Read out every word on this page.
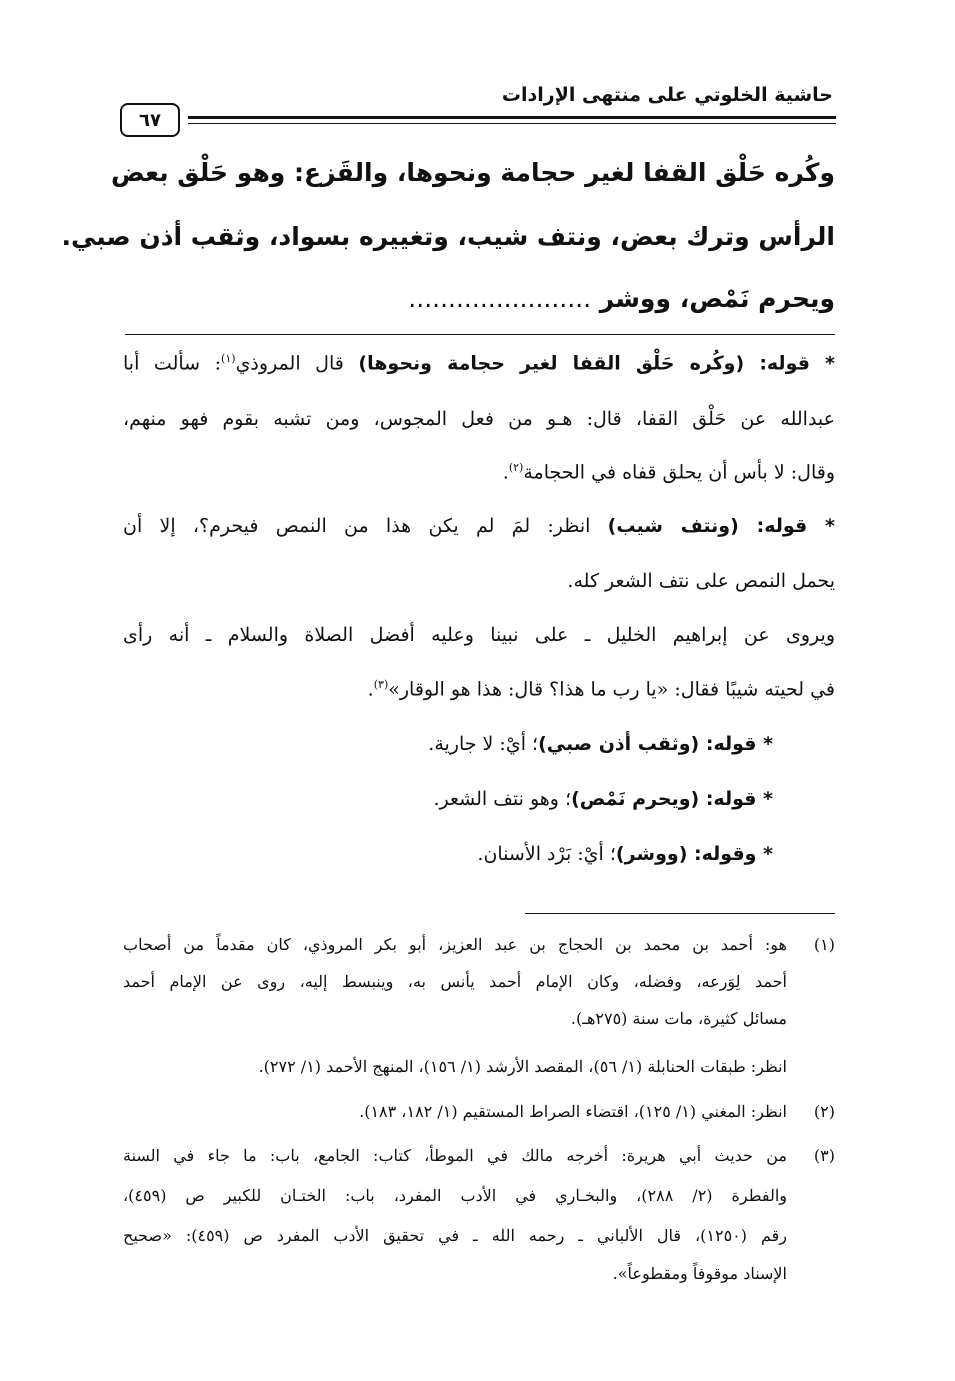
حاشية الخلوتي على منتهى الإرادات
٦٧
وكُره حَلْق القفا لغير حجامة ونحوها، والقَزع: وهو حَلْق بعض
الرأس وترك بعض، ونتف شيب، وتغييره بسواد، وثقب أذن صبي.
ويحرم نَمْص، ووشر .......................
* قوله: (وكُره حَلْق القفا لغير حجامة ونحوها) قال المروذي$^{(١)}$: سألت أبا
عبدالله عن حَلْق القفا، قال: هـو من فعل المجوس، ومن تشبه بقوم فهو منهم،
وقال: لا بأس أن يحلق قفاه في الحجامة$^{(٢)}$.
* قوله: (ونتف شيب) انظر: لمَ لم يكن هذا من النمص فيحرم؟، إلا أن
يحمل النمص على نتف الشعر كله.
ويروى عن إبراهيم الخليل ـ على نبينا وعليه أفضل الصلاة والسلام ـ أنه رأى
في لحيته شيبًا فقال: «يا رب ما هذا؟ قال: هذا هو الوقار»$^{(٣)}$.
* قوله: (وثقب أذن صبي)؛ أيْ: لا جارية.
* قوله: (ويحرم نَمْص)؛ وهو نتف الشعر.
* وقوله: (ووشر)؛ أيْ: بَرْد الأسنان.
(١)
هو: أحمد بن محمد بن الحجاج بن عبد العزيز، أبو بكر المروذي، كان مقدماً من أصحاب
أحمد لِوَرعه، وفضله، وكان الإمام أحمد يأنس به، وينبسط إليه، روى عن الإمام أحمد
مسائل كثيرة، مات سنة (٢٧٥هـ).
انظر: طبقات الحنابلة (١/ ٥٦)، المقصد الأرشد (١/ ١٥٦)، المنهج الأحمد (١/ ٢٧٢).
(٢)
انظر: المغني (١/ ١٢٥)، اقتضاء الصراط المستقيم (١/ ١٨٢، ١٨٣).
(٣)
من حديث أبي هريرة: أخرجه مالك في الموطأ، كتاب: الجامع، باب: ما جاء في السنة
والفطرة (٢/ ٢٨٨)، والبخـاري في الأدب المفرد، باب: الختـان للكبير ص (٤٥٩)،
رقم (١٢٥٠)، قال الألباني ـ رحمه الله ـ في تحقيق الأدب المفرد ص (٤٥٩): «صحيح
الإسناد موقوفاً ومقطوعاً».
